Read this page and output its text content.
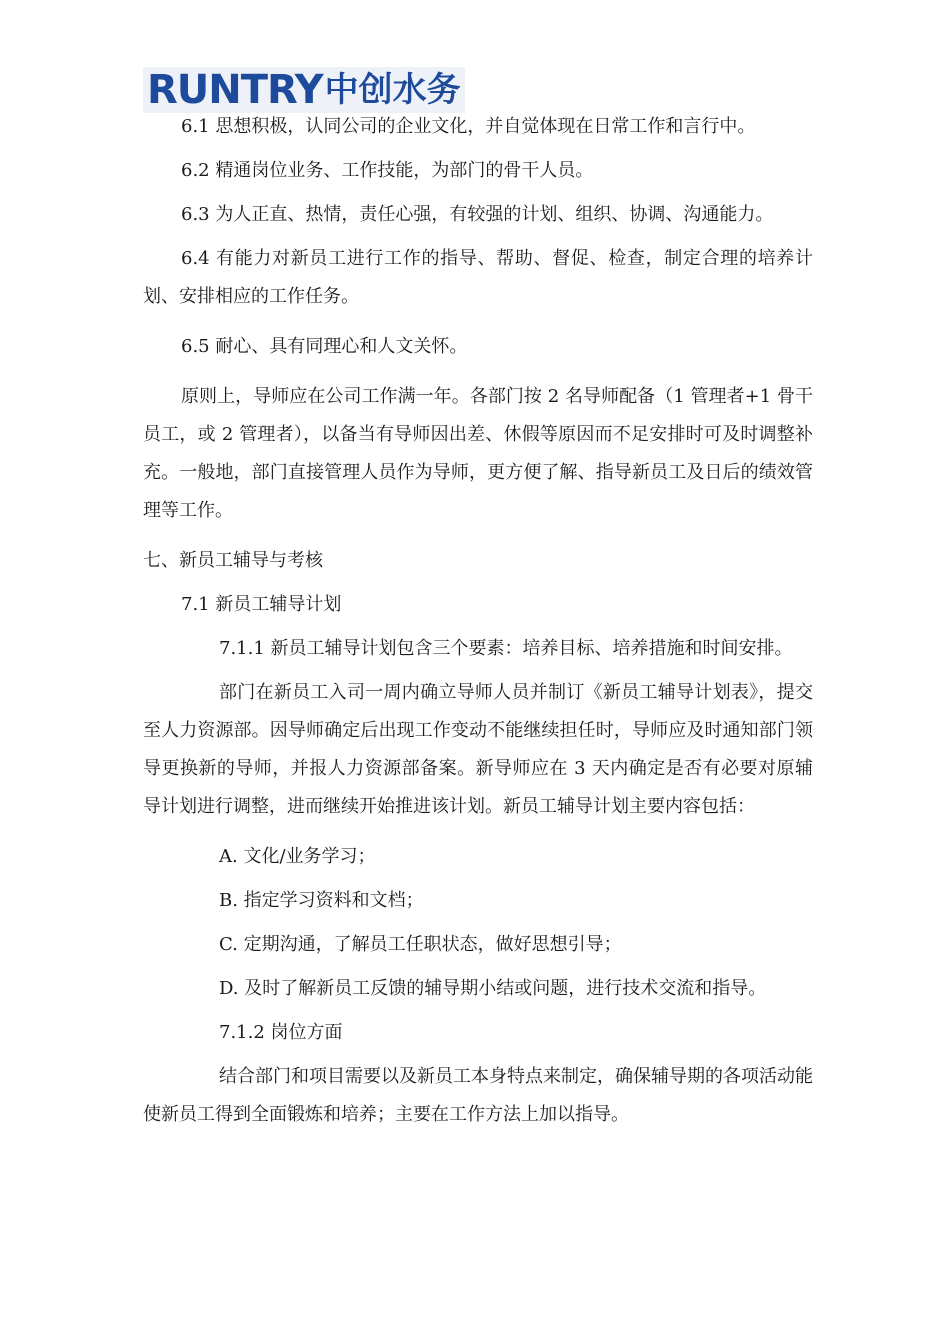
RUNTRY 中创水务

6.1 思想积极，认同公司的企业文化，并自觉体现在日常工作和言行中。

6.2 精通岗位业务、工作技能，为部门的骨干人员。

6.3 为人正直、热情，责任心强，有较强的计划、组织、协调、沟通能力。

6.4 有能力对新员工进行工作的指导、帮助、督促、检查，制定合理的培养计划、安排相应的工作任务。

6.5 耐心、具有同理心和人文关怀。

原则上，导师应在公司工作满一年。各部门按 2 名导师配备（1 管理者+1 骨干员工，或 2 管理者），以备当有导师因出差、休假等原因而不足安排时可及时调整补充。一般地，部门直接管理人员作为导师，更方便了解、指导新员工及日后的绩效管理等工作。

七、新员工辅导与考核

7.1 新员工辅导计划

7.1.1 新员工辅导计划包含三个要素：培养目标、培养措施和时间安排。

部门在新员工入司一周内确立导师人员并制订《新员工辅导计划表》，提交至人力资源部。因导师确定后出现工作变动不能继续担任时，导师应及时通知部门领导更换新的导师，并报人力资源部备案。新导师应在 3 天内确定是否有必要对原辅导计划进行调整，进而继续开始推进该计划。新员工辅导计划主要内容包括：

A. 文化/业务学习；

B. 指定学习资料和文档；

C. 定期沟通，了解员工任职状态，做好思想引导；

D. 及时了解新员工反馈的辅导期小结或问题，进行技术交流和指导。

7.1.2 岗位方面

结合部门和项目需要以及新员工本身特点来制定，确保辅导期的各项活动能使新员工得到全面锻炼和培养；主要在工作方法上加以指导。
